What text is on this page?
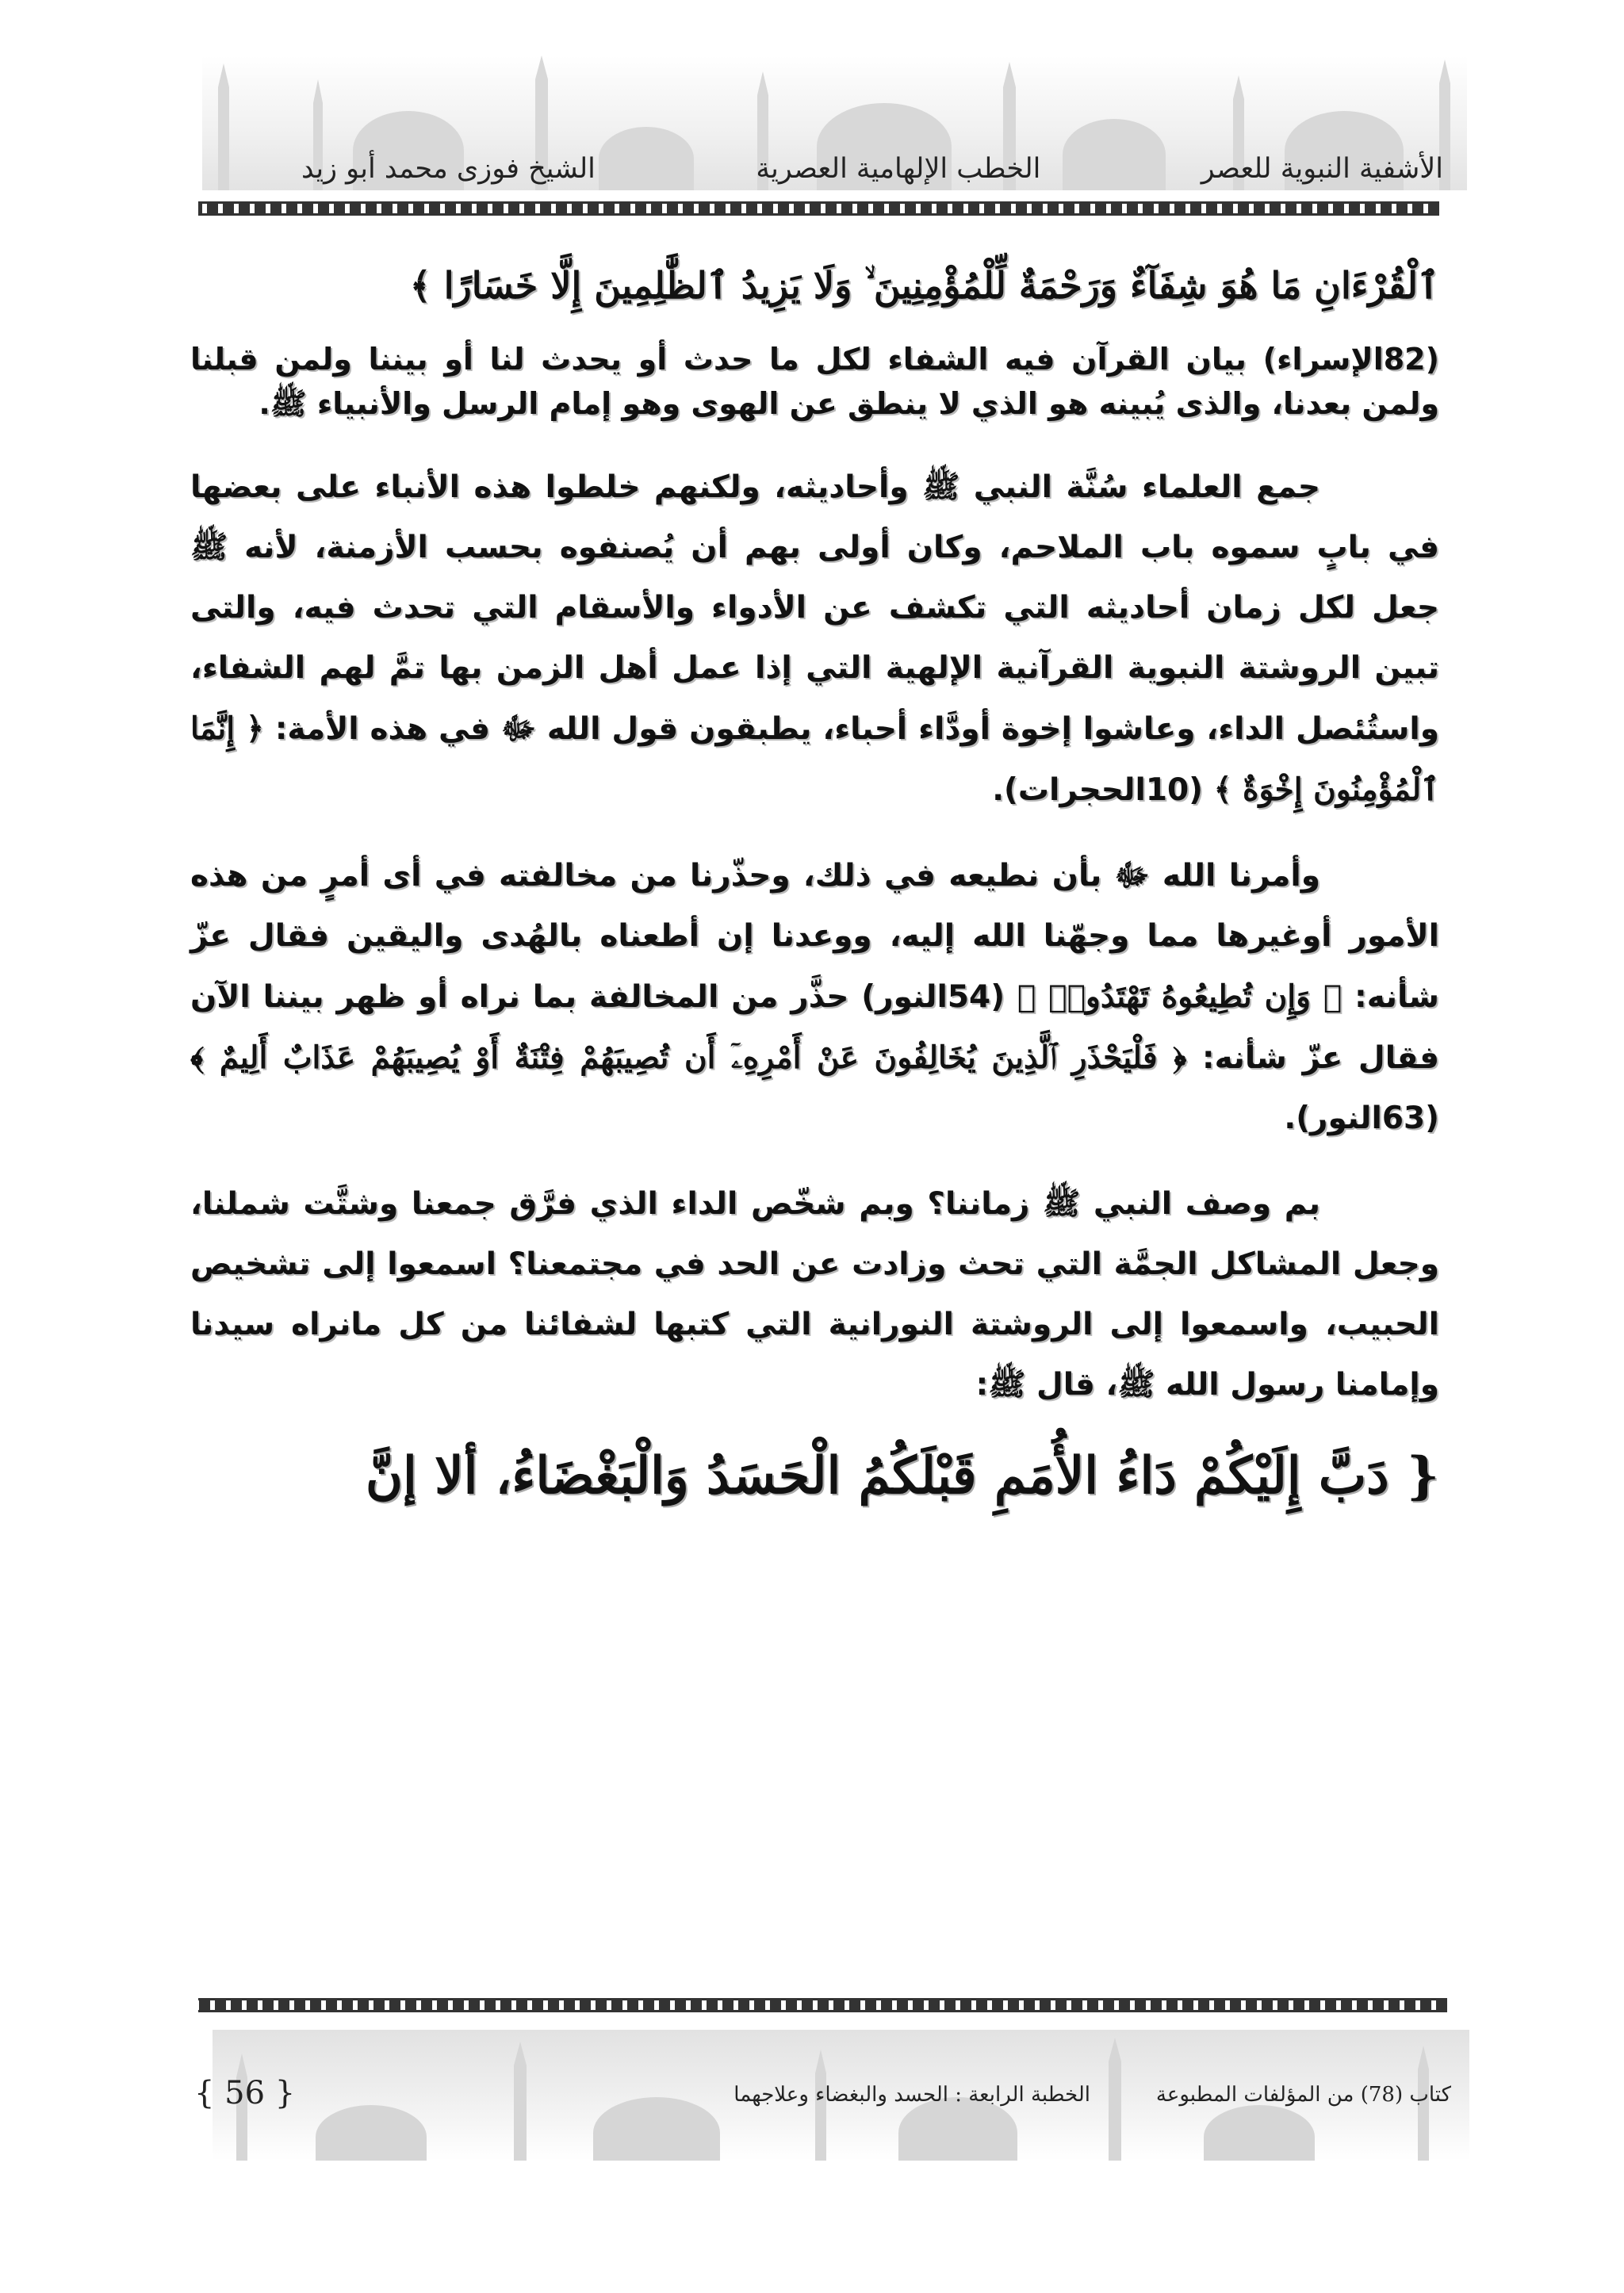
الأشفية النبوية للعصر
الخطب الإلهامية العصرية
الشيخ فوزى محمد أبو زيد
ٱلْقُرْءَانِ مَا هُوَ شِفَآءٌ وَرَحْمَةٌ لِّلْمُؤْمِنِينَ ۙ وَلَا يَزِيدُ ٱلظَّٰلِمِينَ إِلَّا خَسَارًا ﴾

(82الإسراء) بيان القرآن فيه الشفاء لكل ما حدث أو يحدث لنا أو بيننا ولمن قبلنا ولمن بعدنا، والذى يُبينه هو الذي لا ينطق عن الهوى وهو إمام الرسل والأنبياء ﷺ.

جمع العلماء سُنَّة النبي ﷺ وأحاديثه، ولكنهم خلطوا هذه الأنباء على بعضها في بابٍ سموه باب الملاحم، وكان أولى بهم أن يُصنفوه بحسب الأزمنة، لأنه ﷺ جعل لكل زمان أحاديثه التي تكشف عن الأدواء والأسقام التي تحدث فيه، والتى تبين الروشتة النبوية القرآنية الإلهية التي إذا عمل أهل الزمن بها تمَّ لهم الشفاء، واستُئصل الداء، وعاشوا إخوة أودَّاء أحباء، يطبقون قول الله ﷻ في هذه الأمة: ﴿ إِنَّمَا ٱلْمُؤْمِنُونَ إِخْوَةٌ ﴾ (10الحجرات).

وأمرنا الله ﷻ بأن نطيعه في ذلك، وحذّرنا من مخالفته في أى أمرٍ من هذه الأمور أوغيرها مما وجهّنا الله إليه، ووعدنا إن أطعناه بالهُدى واليقين فقال عزّ شأنه: ﴿ وَإِن تُطِيعُوهُ تَهْتَدُوا۟ ﴾ (54النور) حذَّر من المخالفة بما نراه أو ظهر بيننا الآن فقال عزّ شأنه: ﴿ فَلْيَحْذَرِ ٱلَّذِينَ يُخَالِفُونَ عَنْ أَمْرِهِۦٓ أَن تُصِيبَهُمْ فِتْنَةٌ أَوْ يُصِيبَهُمْ عَذَابٌ أَلِيمٌ ﴾ (63النور).

بم وصف النبي ﷺ زماننا؟ وبم شخّص الداء الذي فرَّق جمعنا وشتَّت شملنا، وجعل المشاكل الجمَّة التي تحث وزادت عن الحد في مجتمعنا؟ اسمعوا إلى تشخيص الحبيب، واسمعوا إلى الروشتة النورانية التي كتبها لشفائنا من كل مانراه سيدنا وإمامنا رسول الله ﷺ، قال ﷺ:

{ دَبَّ إِلَيْكُمْ دَاءُ الأُمَمِ قَبْلَكُمُ الْحَسَدُ وَالْبَغْضَاءُ، ألا إنَّ
كتاب (78) من المؤلفات المطبوعة
الخطبة الرابعة : الحسد والبغضاء وعلاجهما
{ 56 }
